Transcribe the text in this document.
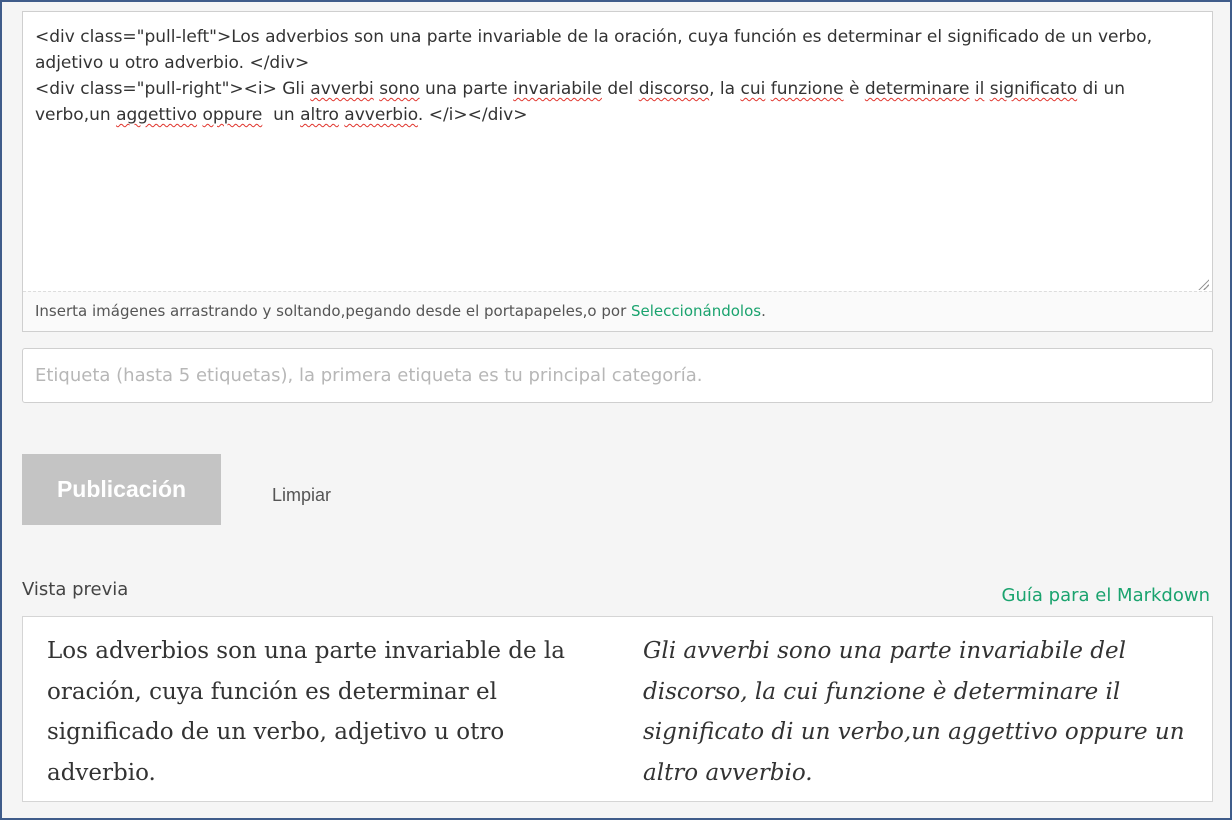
<div class="pull-left">Los adverbios son una parte invariable de la oración, cuya función es determinar el significado de un verbo, adjetivo u otro adverbio. </div>
<div class="pull-right"><i> Gli avverbi sono una parte invariabile del discorso, la cui funzione è determinare il significato di un verbo,un aggettivo oppure  un altro avverbio. </i></div>
Inserta imágenes arrastrando y soltando,pegando desde el portapapeles,o por Seleccionándolos.
Etiqueta (hasta 5 etiquetas), la primera etiqueta es tu principal categoría.
Publicación	Limpiar
Vista previa	Guía para el Markdown
Los adverbios son una parte invariable de la oración, cuya función es determinar el significado de un verbo, adjetivo u otro adverbio.
Gli avverbi sono una parte invariabile del discorso, la cui funzione è determinare il significato di un verbo,un aggettivo oppure un altro avverbio.
